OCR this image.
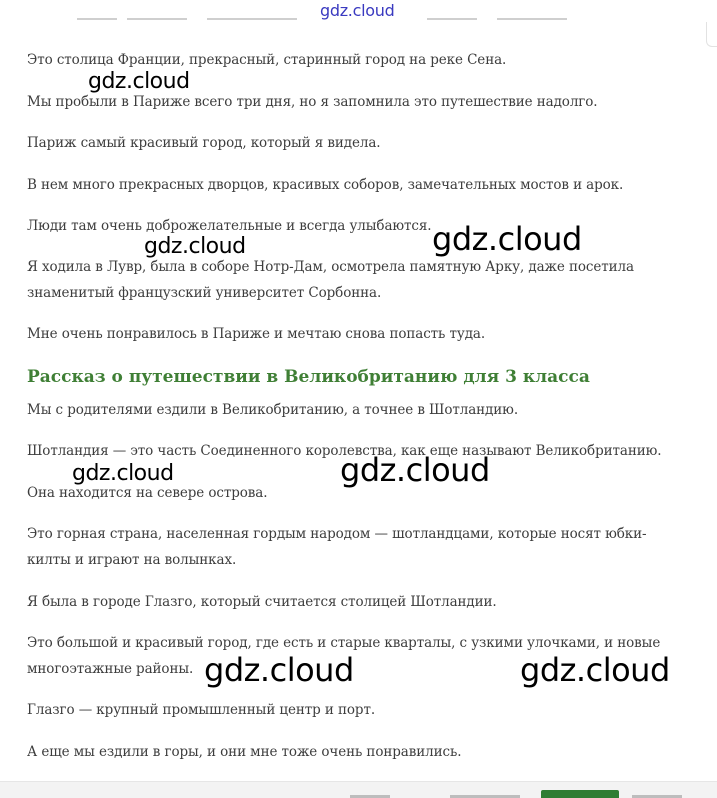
gdz.cloud
Это столица Франции, прекрасный, старинный город на реке Сена.
Мы пробыли в Париже всего три дня, но я запомнила это путешествие надолго.
Париж самый красивый город, который я видела.
В нем много прекрасных дворцов, красивых соборов, замечательных мостов и арок.
Люди там очень доброжелательные и всегда улыбаются.
Я ходила в Лувр, была в соборе Нотр-Дам, осмотрела памятную Арку, даже посетила
знаменитый французский университет Сорбонна.
Мне очень понравилось в Париже и мечтаю снова попасть туда.
Рассказ о путешествии в Великобританию для 3 класса
Мы с родителями ездили в Великобританию, а точнее в Шотландию.
Шотландия — это часть Соединенного королевства, как еще называют Великобританию.
Она находится на севере острова.
Это горная страна, населенная гордым народом — шотландцами, которые носят юбки-
килты и играют на волынках.
Я была в городе Глазго, который считается столицей Шотландии.
Это большой и красивый город, где есть и старые кварталы, с узкими улочками, и новые
многоэтажные районы.
Глазго — крупный промышленный центр и порт.
А еще мы ездили в горы, и они мне тоже очень понравились.
gdz.cloud
gdz.cloud	gdz.cloud
gdz.cloud	gdz.cloud
gdz.cloud	gdz.cloud
